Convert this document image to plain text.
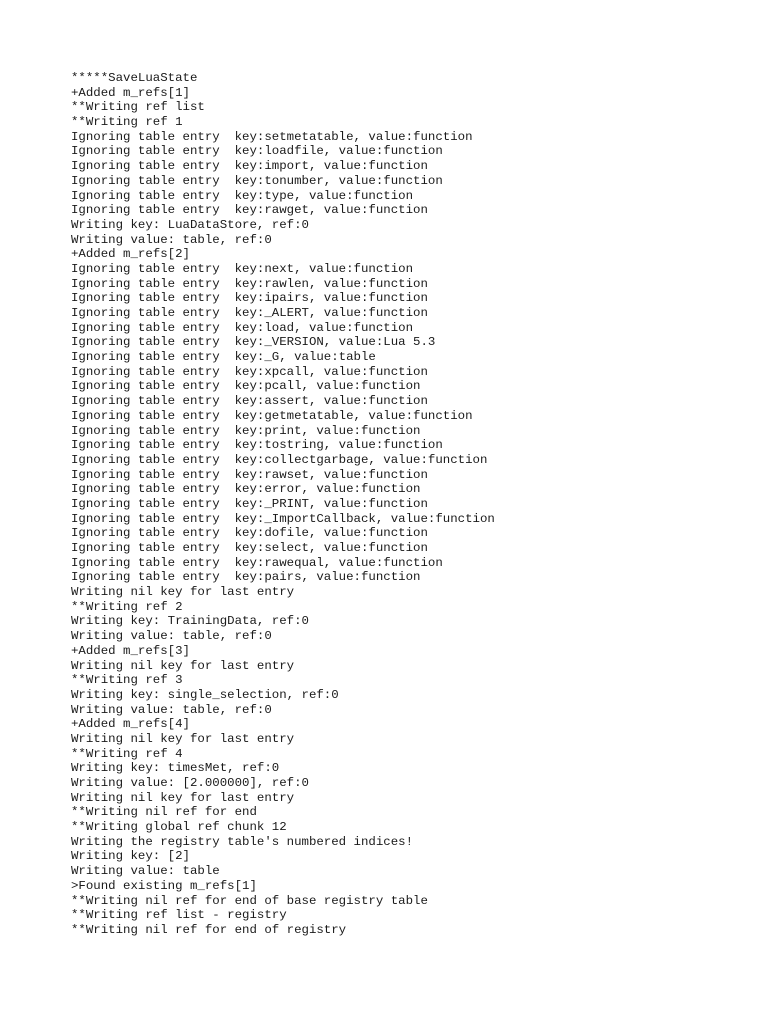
*****SaveLuaState
+Added m_refs[1]
**Writing ref list
**Writing ref 1
Ignoring table entry  key:setmetatable, value:function
Ignoring table entry  key:loadfile, value:function
Ignoring table entry  key:import, value:function
Ignoring table entry  key:tonumber, value:function
Ignoring table entry  key:type, value:function
Ignoring table entry  key:rawget, value:function
Writing key: LuaDataStore, ref:0
Writing value: table, ref:0
+Added m_refs[2]
Ignoring table entry  key:next, value:function
Ignoring table entry  key:rawlen, value:function
Ignoring table entry  key:ipairs, value:function
Ignoring table entry  key:_ALERT, value:function
Ignoring table entry  key:load, value:function
Ignoring table entry  key:_VERSION, value:Lua 5.3
Ignoring table entry  key:_G, value:table
Ignoring table entry  key:xpcall, value:function
Ignoring table entry  key:pcall, value:function
Ignoring table entry  key:assert, value:function
Ignoring table entry  key:getmetatable, value:function
Ignoring table entry  key:print, value:function
Ignoring table entry  key:tostring, value:function
Ignoring table entry  key:collectgarbage, value:function
Ignoring table entry  key:rawset, value:function
Ignoring table entry  key:error, value:function
Ignoring table entry  key:_PRINT, value:function
Ignoring table entry  key:_ImportCallback, value:function
Ignoring table entry  key:dofile, value:function
Ignoring table entry  key:select, value:function
Ignoring table entry  key:rawequal, value:function
Ignoring table entry  key:pairs, value:function
Writing nil key for last entry
**Writing ref 2
Writing key: TrainingData, ref:0
Writing value: table, ref:0
+Added m_refs[3]
Writing nil key for last entry
**Writing ref 3
Writing key: single_selection, ref:0
Writing value: table, ref:0
+Added m_refs[4]
Writing nil key for last entry
**Writing ref 4
Writing key: timesMet, ref:0
Writing value: [2.000000], ref:0
Writing nil key for last entry
**Writing nil ref for end
**Writing global ref chunk 12
Writing the registry table's numbered indices!
Writing key: [2]
Writing value: table
>Found existing m_refs[1]
**Writing nil ref for end of base registry table
**Writing ref list - registry
**Writing nil ref for end of registry
